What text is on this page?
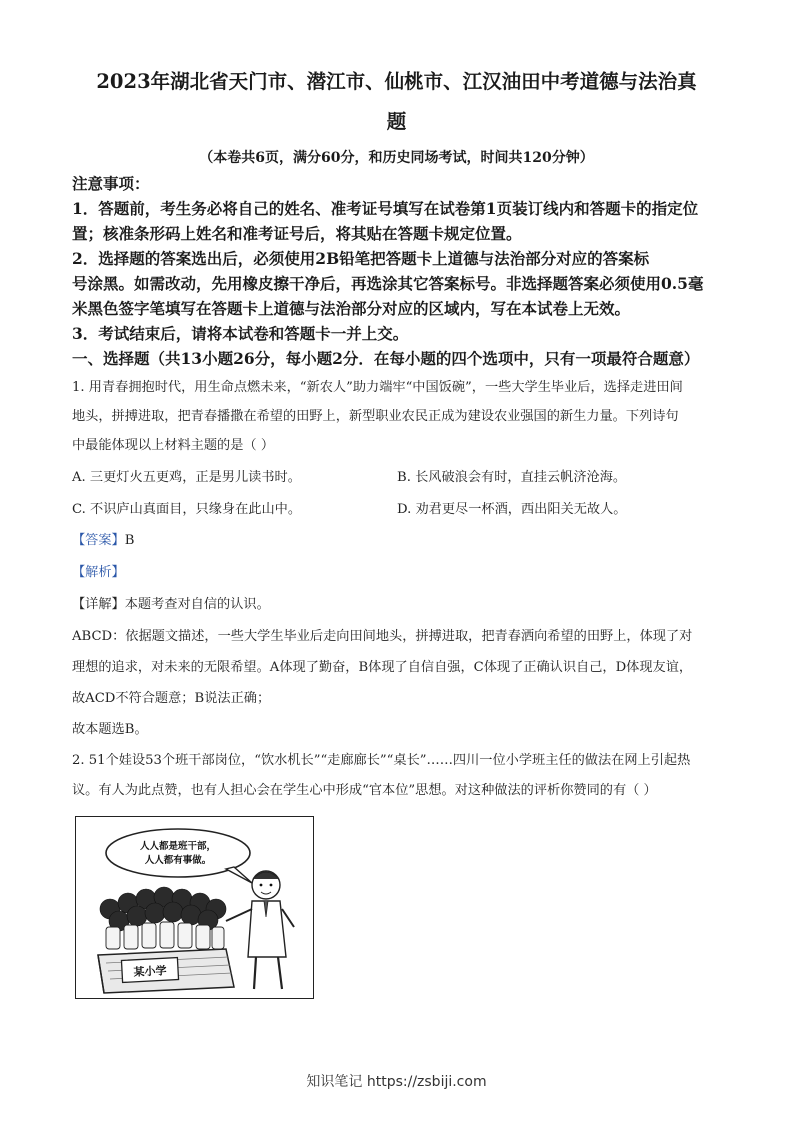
2023年湖北省天门市、潜江市、仙桃市、江汉油田中考道德与法治真
题
（本卷共6页，满分60分，和历史同场考试，时间共120分钟）
注意事项：
1．答题前，考生务必将自己的姓名、准考证号填写在试卷第1页装订线内和答题卡的指定位
置；核准条形码上姓名和准考证号后，将其贴在答题卡规定位置。
2．选择题的答案选出后，必须使用2B铅笔把答题卡上道德与法治部分对应的答案标
号涂黑。如需改动，先用橡皮擦干净后，再选涂其它答案标号。非选择题答案必须使用0.5毫
米黑色签字笔填写在答题卡上道德与法治部分对应的区域内，写在本试卷上无效。
3．考试结束后，请将本试卷和答题卡一并上交。
一、选择题（共13小题26分，每小题2分．在每小题的四个选项中，只有一项最符合题意）
1. 用青春拥抱时代，用生命点燃未来，“新农人”助力端牢“中国饭碗”，一些大学生毕业后，选择走进田间
地头，拼搏进取，把青春播撒在希望的田野上，新型职业农民正成为建设农业强国的新生力量。下列诗句
中最能体现以上材料主题的是（ ）
A. 三更灯火五更鸡，正是男儿读书时。	B. 长风破浪会有时，直挂云帆济沧海。
C. 不识庐山真面目，只缘身在此山中。	D. 劝君更尽一杯酒，西出阳关无故人。
【答案】B
【解析】
【详解】本题考查对自信的认识。
ABCD：依据题文描述，一些大学生毕业后走向田间地头，拼搏进取，把青春洒向希望的田野上，体现了对
理想的追求，对未来的无限希望。A体现了勤奋，B体现了自信自强，C体现了正确认识自己，D体现友谊，
故ACD不符合题意；B说法正确；
故本题选B。
2. 51个娃设53个班干部岗位，“饮水机长”“走廊廊长”“桌长”……四川一位小学班主任的做法在网上引起热
议。有人为此点赞，也有人担心会在学生心中形成“官本位”思想。对这种做法的评析你赞同的有（ ）
人人都是班干部，
人人都有事做。
某小学
知识笔记 https://zsbiji.com
